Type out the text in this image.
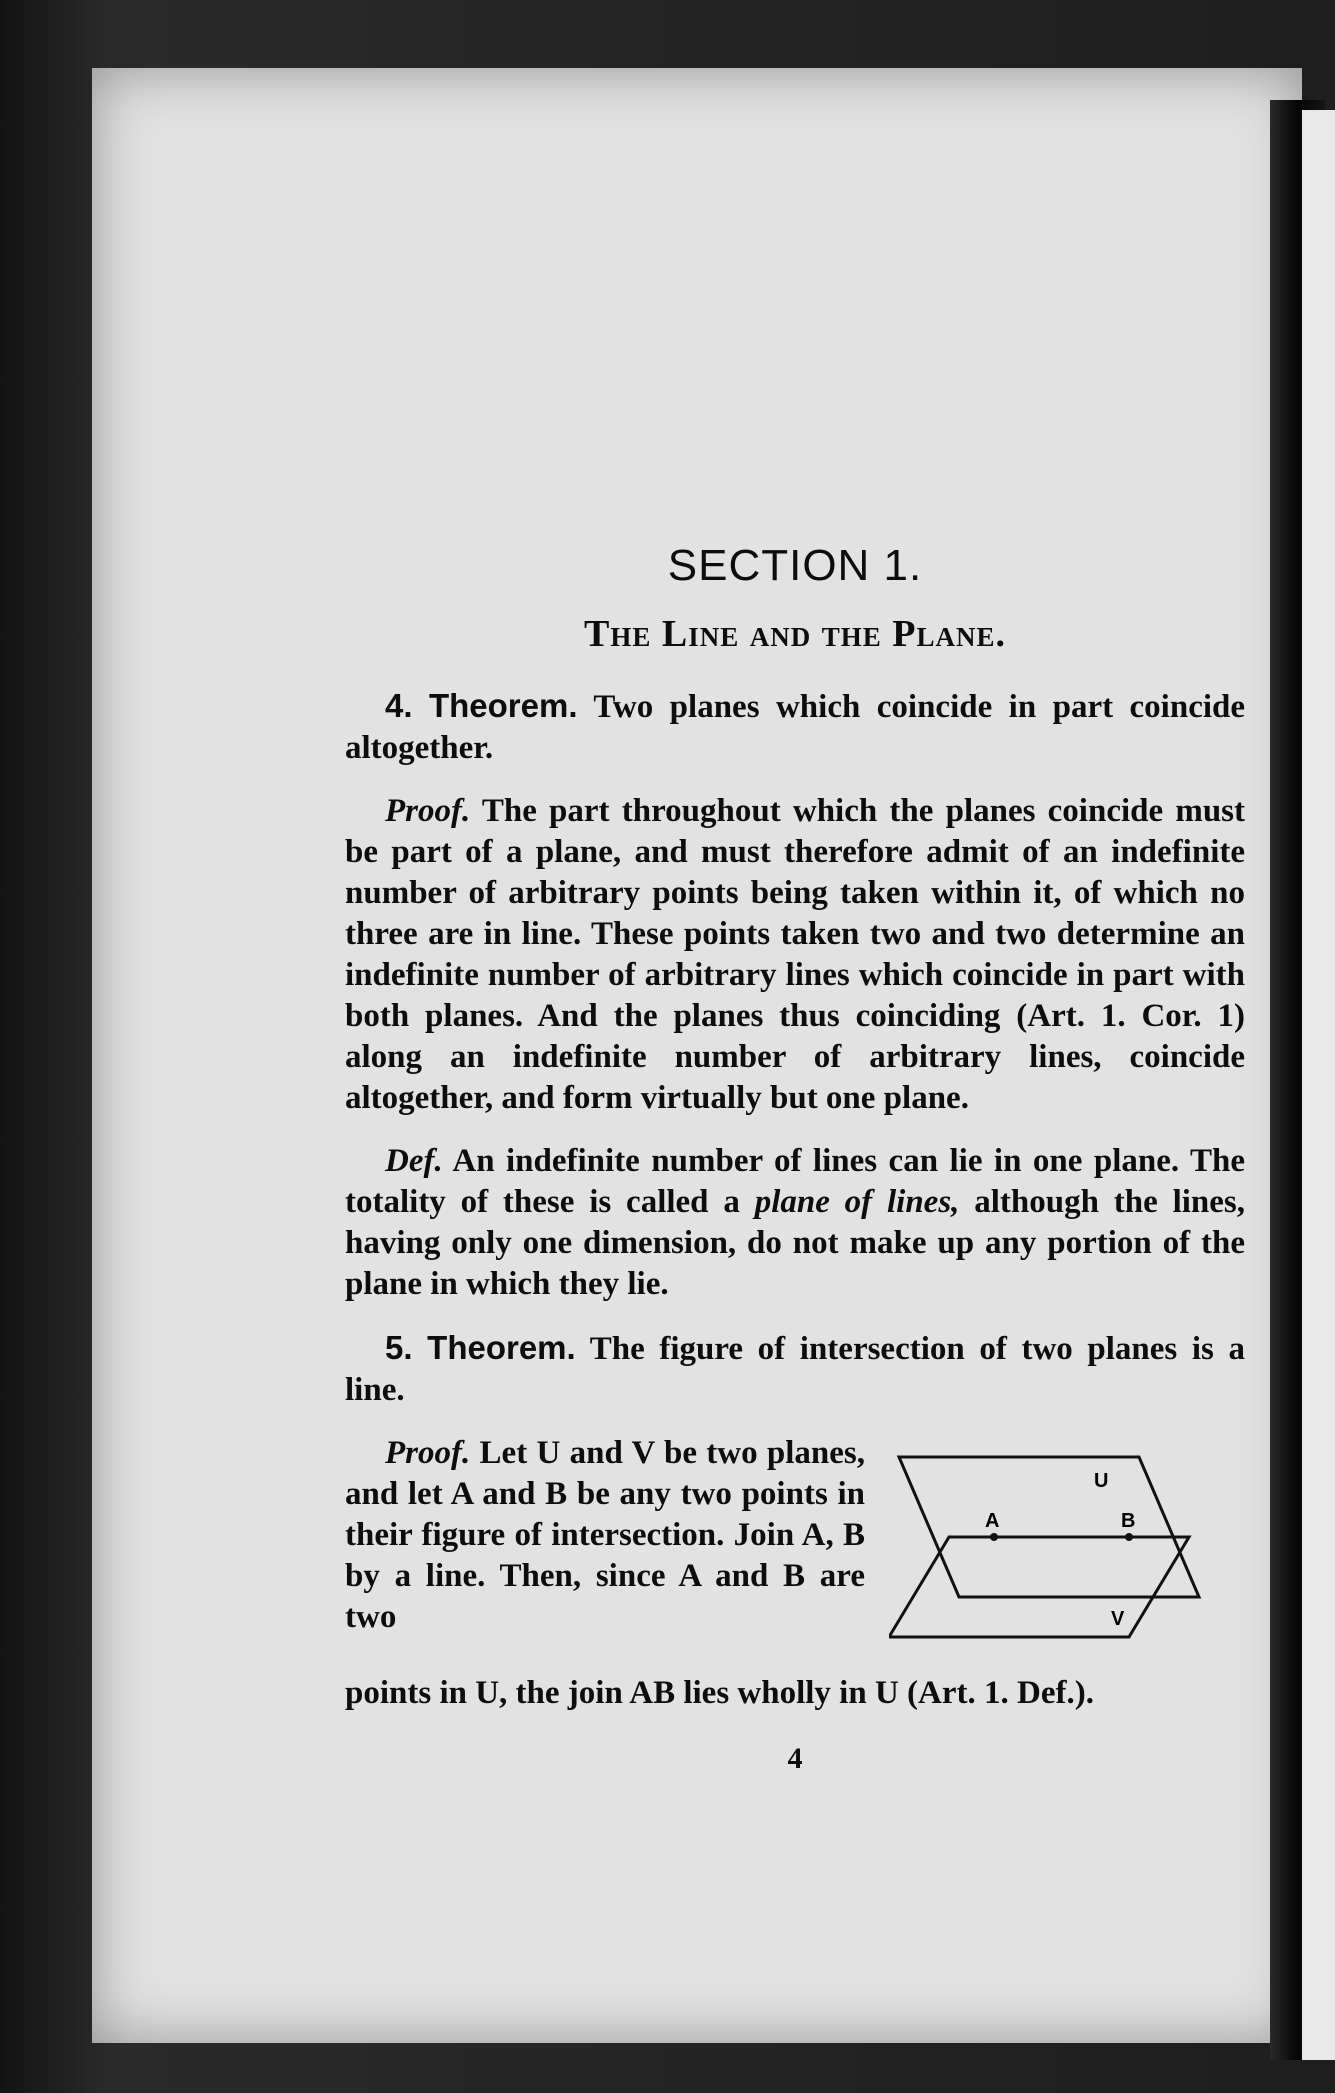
SECTION 1.
The Line and the Plane.

4. Theorem. Two planes which coincide in part coincide altogether.

Proof. The part throughout which the planes coincide must be part of a plane, and must therefore admit of an indefinite number of arbitrary points being taken within it, of which no three are in line. These points taken two and two determine an indefinite number of arbitrary lines which coincide in part with both planes. And the planes thus coinciding (Art. 1. Cor. 1) along an indefinite number of arbitrary lines, coincide altogether, and form virtually but one plane.

Def. An indefinite number of lines can lie in one plane. The totality of these is called a plane of lines, although the lines, having only one dimension, do not make up any portion of the plane in which they lie.

5. Theorem. The figure of intersection of two planes is a line.

Proof. Let U and V be two planes, and let A and B be any two points in their figure of intersection. Join A, B by a line. Then, since A and B are two

U
A	B
V

points in U, the join AB lies wholly in U (Art. 1. Def.).

4
